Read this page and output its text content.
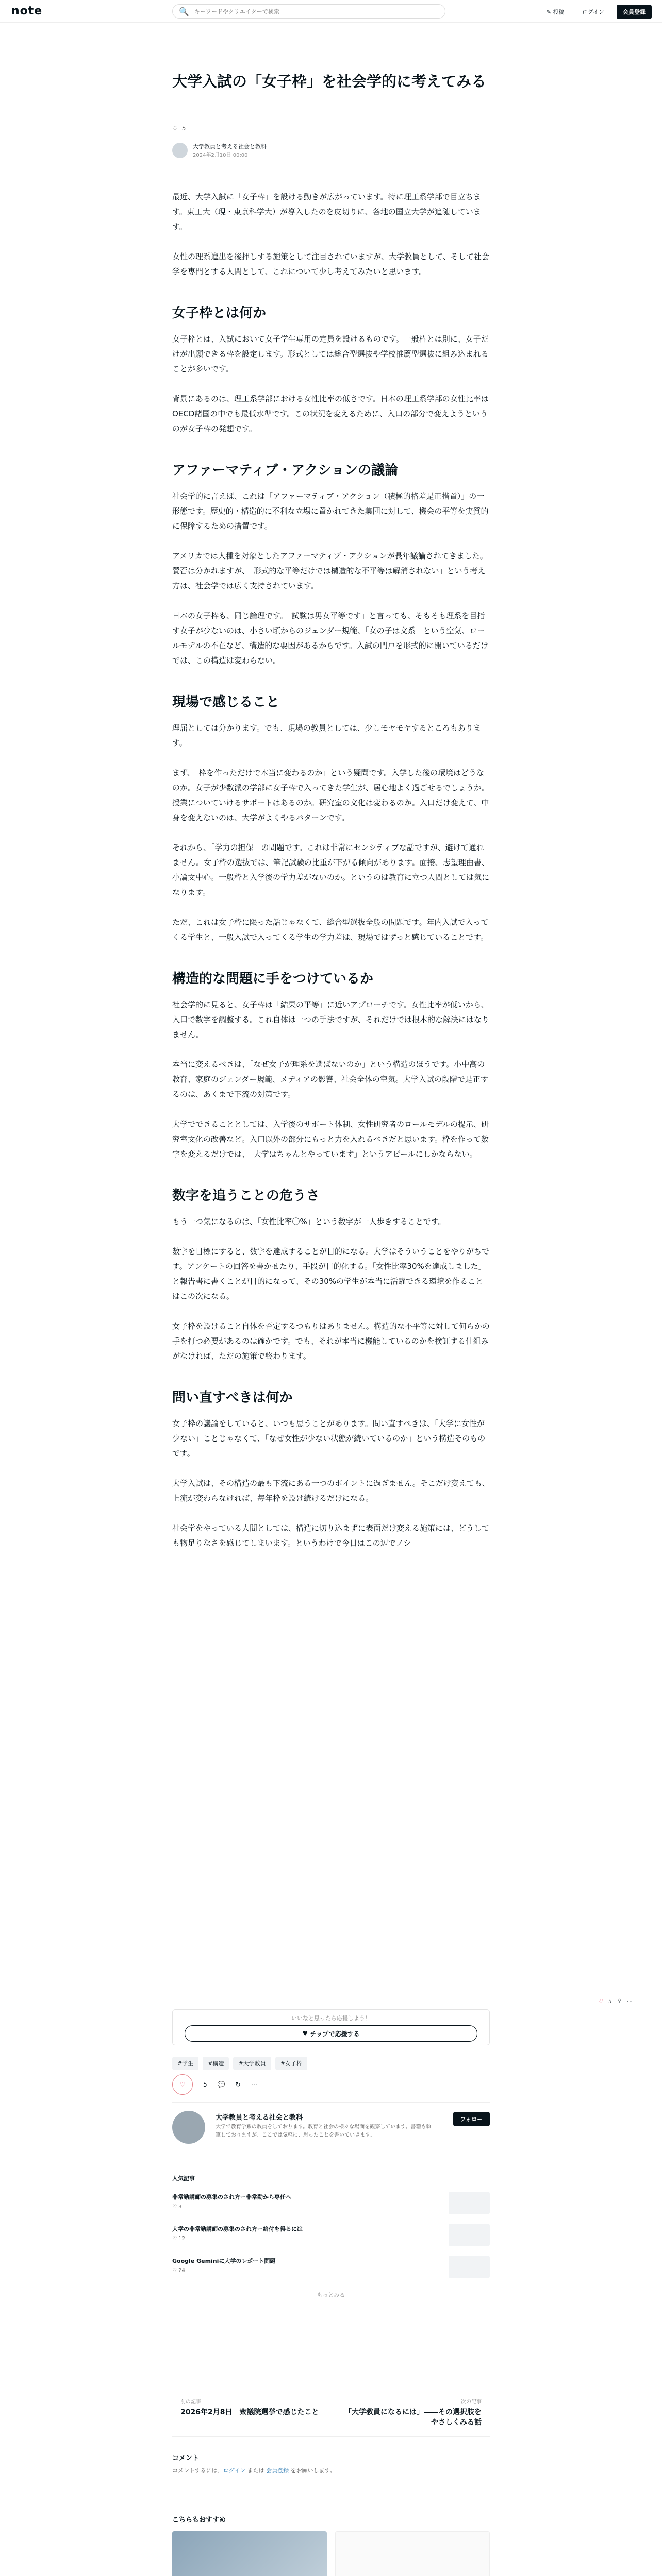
note	🔍
キーワードやクリエイターで検索	✎ 投稿	ログイン	会員登録
大学入試の「女子枠」を社会学的に考えてみる
♡ 5
大学教員と考える社会と教科
2024年2月10日 00:00

最近、大学入試に「女子枠」を設ける動きが広がっています。特に理工系学部で目立ちます。東工大（現・東京科学大）が導入したのを皮切りに、各地の国立大学が追随しています。

女性の理系進出を後押しする施策として注目されていますが、大学教員として、そして社会学を専門とする人間として、これについて少し考えてみたいと思います。

女子枠とは何か

女子枠とは、入試において女子学生専用の定員を設けるものです。一般枠とは別に、女子だけが出願できる枠を設定します。形式としては総合型選抜や学校推薦型選抜に組み込まれることが多いです。

背景にあるのは、理工系学部における女性比率の低さです。日本の理工系学部の女性比率はOECD諸国の中でも最低水準です。この状況を変えるために、入口の部分で変えようというのが女子枠の発想です。

アファーマティブ・アクションの議論

社会学的に言えば、これは「アファーマティブ・アクション（積極的格差是正措置）」の一形態です。歴史的・構造的に不利な立場に置かれてきた集団に対して、機会の平等を実質的に保障するための措置です。

アメリカでは人種を対象としたアファーマティブ・アクションが長年議論されてきました。賛否は分かれますが、「形式的な平等だけでは構造的な不平等は解消されない」という考え方は、社会学では広く支持されています。

日本の女子枠も、同じ論理です。「試験は男女平等です」と言っても、そもそも理系を目指す女子が少ないのは、小さい頃からのジェンダー規範、「女の子は文系」という空気、ロールモデルの不在など、構造的な要因があるからです。入試の門戸を形式的に開いているだけでは、この構造は変わらない。

現場で感じること

理屈としては分かります。でも、現場の教員としては、少しモヤモヤするところもあります。

まず、「枠を作っただけで本当に変わるのか」という疑問です。入学した後の環境はどうなのか。女子が少数派の学部に女子枠で入ってきた学生が、居心地よく過ごせるでしょうか。授業についていけるサポートはあるのか。研究室の文化は変わるのか。入口だけ変えて、中身を変えないのは、大学がよくやるパターンです。

それから、「学力の担保」の問題です。これは非常にセンシティブな話ですが、避けて通れません。女子枠の選抜では、筆記試験の比重が下がる傾向があります。面接、志望理由書、小論文中心。一般枠と入学後の学力差がないのか。というのは教育に立つ人間としては気になります。

ただ、これは女子枠に限った話じゃなくて、総合型選抜全般の問題です。年内入試で入ってくる学生と、一般入試で入ってくる学生の学力差は、現場ではずっと感じていることです。

構造的な問題に手をつけているか

社会学的に見ると、女子枠は「結果の平等」に近いアプローチです。女性比率が低いから、入口で数字を調整する。これ自体は一つの手法ですが、それだけでは根本的な解決にはなりません。

本当に変えるべきは、「なぜ女子が理系を選ばないのか」という構造のほうです。小中高の教育、家庭のジェンダー規範、メディアの影響、社会全体の空気。大学入試の段階で是正するのは、あくまで下流の対策です。

大学でできることとしては、入学後のサポート体制、女性研究者のロールモデルの提示、研究室文化の改善など。入口以外の部分にもっと力を入れるべきだと思います。枠を作って数字を変えるだけでは、「大学はちゃんとやっています」というアピールにしかならない。

数字を追うことの危うさ

もう一つ気になるのは、「女性比率〇%」という数字が一人歩きすることです。

数字を目標にすると、数字を達成することが目的になる。大学はそういうことをやりがちです。アンケートの回答を書かせたり、手段が目的化する。「女性比率30%を達成しました」と報告書に書くことが目的になって、その30%の学生が本当に活躍できる環境を作ることはこの次になる。

女子枠を設けること自体を否定するつもりはありません。構造的な不平等に対して何らかの手を打つ必要があるのは確かです。でも、それが本当に機能しているのかを検証する仕組みがなければ、ただの施策で終わります。

問い直すべきは何か

女子枠の議論をしていると、いつも思うことがあります。問い直すべきは、「大学に女性が少ない」ことじゃなくて、「なぜ女性が少ない状態が続いているのか」という構造そのものです。

大学入試は、その構造の最も下流にある一つのポイントに過ぎません。そこだけ変えても、上流が変わらなければ、毎年枠を設け続けるだけになる。

社会学をやっている人間としては、構造に切り込まずに表面だけ変える施策には、どうしても物足りなさを感じてしまいます。というわけで今日はこの辺でノシ

いいなと思ったら応援しよう！
♥ チップで応援する
♡ 5 ⇪ ⋯
#学生	#構造	#大学教員	#女子枠
♡	5 💬 ↻ ⋯
大学教員と考える社会と教科
大学で教育学系の教員をしております。教育と社会の様々な場面を観察しています。書籍も執筆しておりますが、ここでは気軽に、思ったことを書いていきます。
フォロー
人気記事
非常勤講師の募集のされ方ー非常勤から専任へ
♡ 3
大学の非常勤講師の募集のされ方ー給付を得るには
♡ 12
Google Geminiに大学のレポート問題
♡ 24
もっとみる
前の記事
2026年2月8日　衆議院選挙で感じたこと
次の記事
「大学教員になるには」――その選択肢をやさしくみる話
コメント
コメントするには、ログイン または 会員登録 をお願いします。
こちらもおすすめ
